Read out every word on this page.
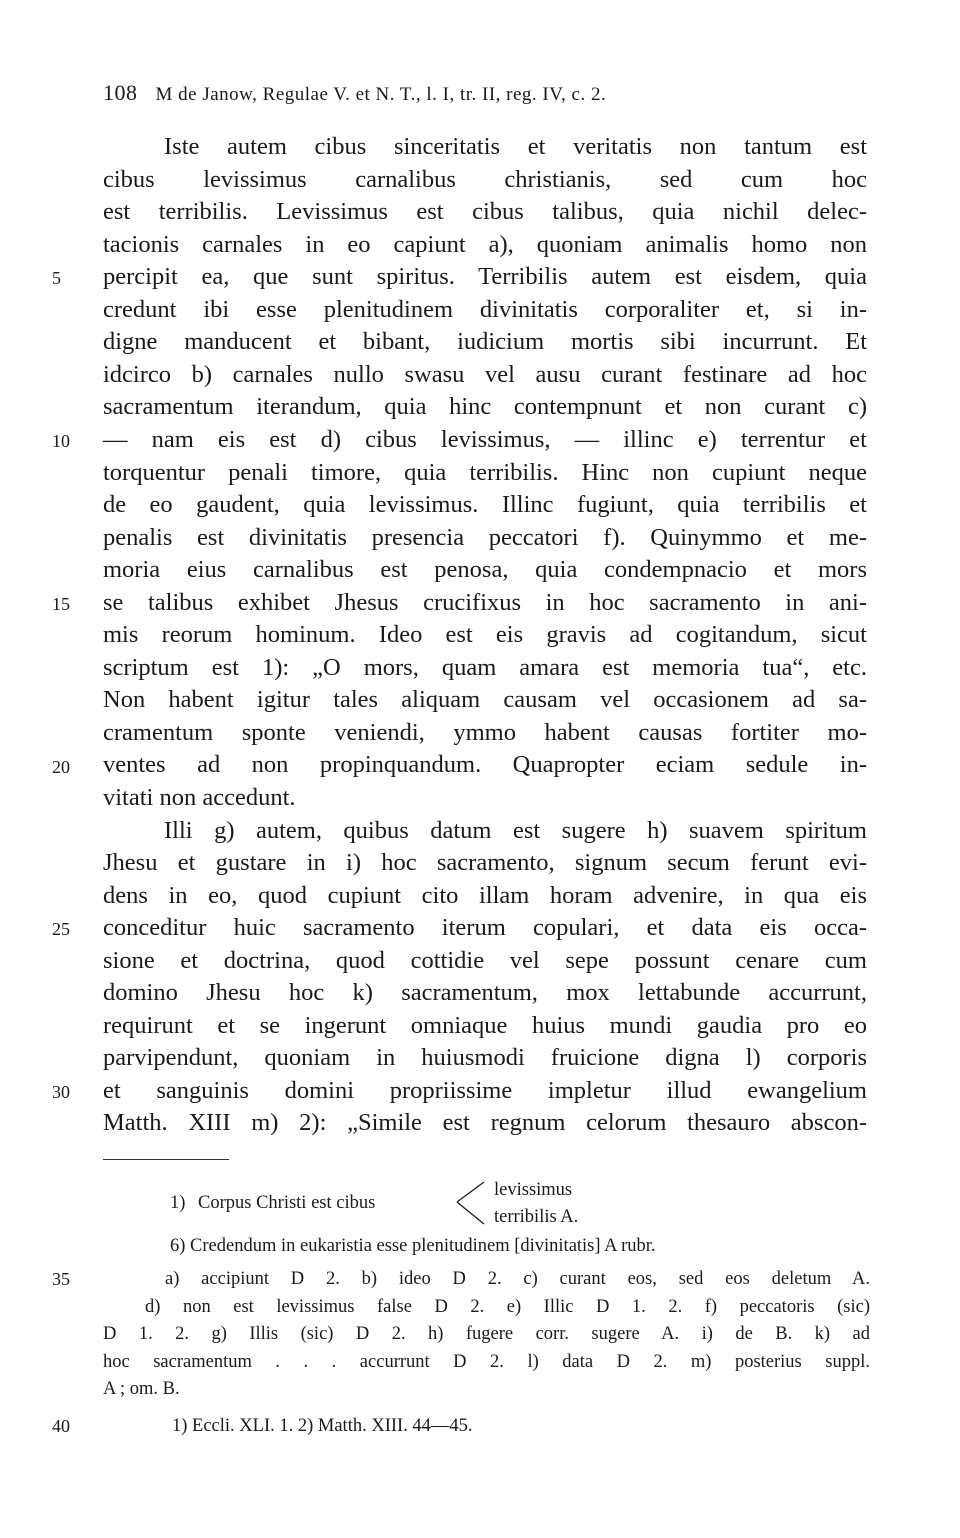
108 M de Janow, Regulae V. et N. T., l. I, tr. II, reg. IV, c. 2.
Iste autem cibus sinceritatis et veritatis non tantum est
cibus levissimus carnalibus christianis, sed cum hoc
est terribilis. Levissimus est cibus talibus, quia nichil delec-
tacionis carnales in eo capiunt a), quoniam animalis homo non
percipit ea, que sunt spiritus. Terribilis autem est eisdem, quia
credunt ibi esse plenitudinem divinitatis corporaliter et, si in-
digne manducent et bibant, iudicium mortis sibi incurrunt. Et
idcirco b) carnales nullo swasu vel ausu curant festinare ad hoc
sacramentum iterandum, quia hinc contempnunt et non curant c)
— nam eis est d) cibus levissimus, — illinc e) terrentur et
torquentur penali timore, quia terribilis. Hinc non cupiunt neque
de eo gaudent, quia levissimus. Illinc fugiunt, quia terribilis et
penalis est divinitatis presencia peccatori f). Quinymmo et me-
moria eius carnalibus est penosa, quia condempnacio et mors
se talibus exhibet Jhesus crucifixus in hoc sacramento in ani-
mis reorum hominum. Ideo est eis gravis ad cogitandum, sicut
scriptum est 1): „O mors, quam amara est memoria tua“, etc.
Non habent igitur tales aliquam causam vel occasionem ad sa-
cramentum sponte veniendi, ymmo habent causas fortiter mo-
ventes ad non propinquandum. Quapropter eciam sedule in-
vitati non accedunt.
Illi g) autem, quibus datum est sugere h) suavem spiritum
Jhesu et gustare in i) hoc sacramento, signum secum ferunt evi-
dens in eo, quod cupiunt cito illam horam advenire, in qua eis
conceditur huic sacramento iterum copulari, et data eis occa-
sione et doctrina, quod cottidie vel sepe possunt cenare cum
domino Jhesu hoc k) sacramentum, mox lettabunde accurrunt,
requirunt et se ingerunt omniaque huius mundi gaudia pro eo
parvipendunt, quoniam in huiusmodi fruicione digna l) corporis
et sanguinis domini propriissime impletur illud ewangelium
Matth. XIII m) 2): „Simile est regnum celorum thesauro abscon-
5
10
15
20
25
30
1) Corpus Christi est cibus
levissimus
terribilis A.
6) Credendum in eukaristia esse plenitudinem [divinitatis] A rubr.
35	a) accipiunt D 2. b) ideo D 2. c) curant eos, sed eos deletum A.
d) non est levissimus false D 2. e) Illic D 1. 2. f) peccatoris (sic)
D 1. 2. g) Illis (sic) D 2. h) fugere corr. sugere A. i) de B. k) ad
hoc sacramentum . . . accurrunt D 2. l) data D 2. m) posterius suppl.
A ; om. B.
40	1) Eccli. XLI. 1. 2) Matth. XIII. 44—45.
